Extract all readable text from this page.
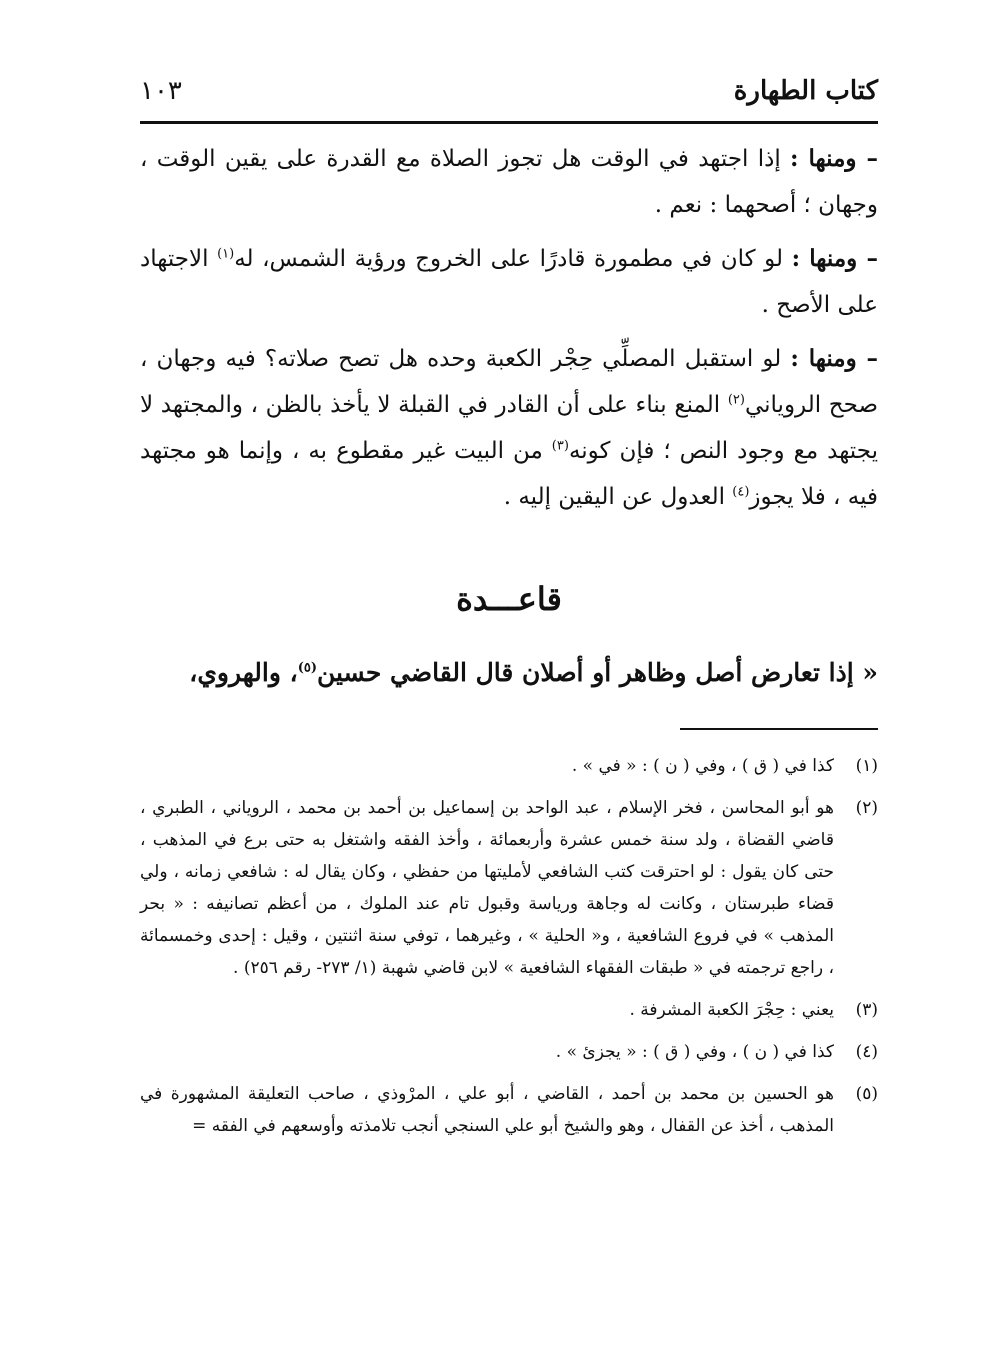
١٠٣	كتاب الطهارة

– ومنها : إذا اجتهد في الوقت هل تجوز الصلاة مع القدرة على يقين الوقت ، وجهان ؛ أصحهما : نعم .

– ومنها : لو كان في مطمورة قادرًا على الخروج ورؤية الشمس، له$^{(١)}$ الاجتهاد على الأصح .

– ومنها : لو استقبل المصلِّي حِجْر الكعبة وحده هل تصح صلاته؟ فيه وجهان ، صحح الروياني$^{(٢)}$ المنع بناء على أن القادر في القبلة لا يأخذ بالظن ، والمجتهد لا يجتهد مع وجود النص ؛ فإن كونه$^{(٣)}$ من البيت غير مقطوع به ، وإنما هو مجتهد فيه ، فلا يجوز$^{(٤)}$ العدول عن اليقين إليه .

قاعـــدة
« إذا تعارض أصل وظاهر أو أصلان قال القاضي حسين$^{(٥)}$، والهروي،
(١)
كذا في ( ق ) ، وفي ( ن ) : « في » .
(٢)
هو أبو المحاسن ، فخر الإسلام ، عبد الواحد بن إسماعيل بن أحمد بن محمد ، الروياني ، الطبري ، قاضي القضاة ، ولد سنة خمس عشرة وأربعمائة ، وأخذ الفقه واشتغل به حتى برع في المذهب ، حتى كان يقول : لو احترقت كتب الشافعي لأمليتها من حفظي ، وكان يقال له : شافعي زمانه ، ولي قضاء طبرستان ، وكانت له وجاهة ورياسة وقبول تام عند الملوك ، من أعظم تصانيفه : « بحر المذهب » في فروع الشافعية ، و« الحلية » ، وغيرهما ، توفي سنة اثنتين ، وقيل : إحدى وخمسمائة ، راجع ترجمته في « طبقات الفقهاء الشافعية » لابن قاضي شهبة (١/ ٢٧٣- رقم ٢٥٦) .
(٣)
يعني : حِجْرَ الكعبة المشرفة .
(٤)
كذا في ( ن ) ، وفي ( ق ) : « يجزئ » .
(٥)
هو الحسين بن محمد بن أحمد ، القاضي ، أبو علي ، المرْوذي ، صاحب التعليقة المشهورة في المذهب ، أخذ عن القفال ، وهو والشيخ أبو علي السنجي أنجب تلامذته وأوسعهم في الفقه =
